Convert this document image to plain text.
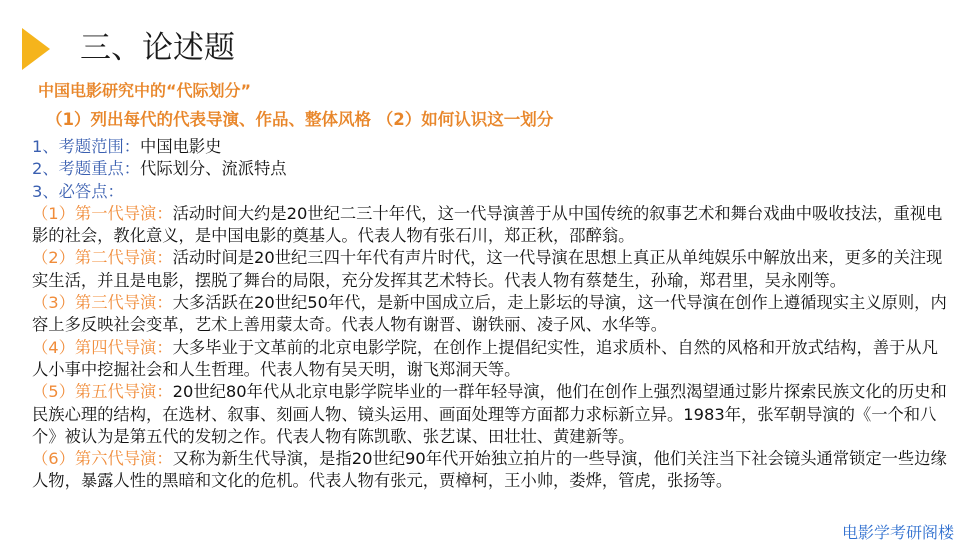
三、论述题
中国电影研究中的“代际划分”
（1）列出每代的代表导演、作品、整体风格 （2）如何认识这一划分

1、考题范围：中国电影史

2、考题重点：代际划分、流派特点

3、必答点：

（1）第一代导演：活动时间大约是20世纪二三十年代，这一代导演善于从中国传统的叙事艺术和舞台戏曲中吸收技法，重视电影的社会，教化意义，是中国电影的奠基人。代表人物有张石川，郑正秋，邵醉翁。

（2）第二代导演：活动时间是20世纪三四十年代有声片时代，这一代导演在思想上真正从单纯娱乐中解放出来，更多的关注现实生活，并且是电影，摆脱了舞台的局限，充分发挥其艺术特长。代表人物有蔡楚生，孙瑜，郑君里，吴永刚等。

（3）第三代导演：大多活跃在20世纪50年代，是新中国成立后，走上影坛的导演，这一代导演在创作上遵循现实主义原则，内容上多反映社会变革，艺术上善用蒙太奇。代表人物有谢晋、谢铁丽、凌子风、水华等。

（4）第四代导演：大多毕业于文革前的北京电影学院，在创作上提倡纪实性，追求质朴、自然的风格和开放式结构，善于从凡人小事中挖掘社会和人生哲理。代表人物有吴天明，谢飞郑洞天等。

（5）第五代导演：20世纪80年代从北京电影学院毕业的一群年轻导演，他们在创作上强烈渴望通过影片探索民族文化的历史和民族心理的结构，在选材、叙事、刻画人物、镜头运用、画面处理等方面都力求标新立异。1983年，张军朝导演的《一个和八个》被认为是第五代的发轫之作。代表人物有陈凯歌、张艺谋、田壮壮、黄建新等。

（6）第六代导演：又称为新生代导演，是指20世纪90年代开始独立拍片的一些导演，他们关注当下社会镜头通常锁定一些边缘人物，暴露人性的黑暗和文化的危机。代表人物有张元，贾樟柯，王小帅，娄烨，管虎，张扬等。

电影学考研阁楼
